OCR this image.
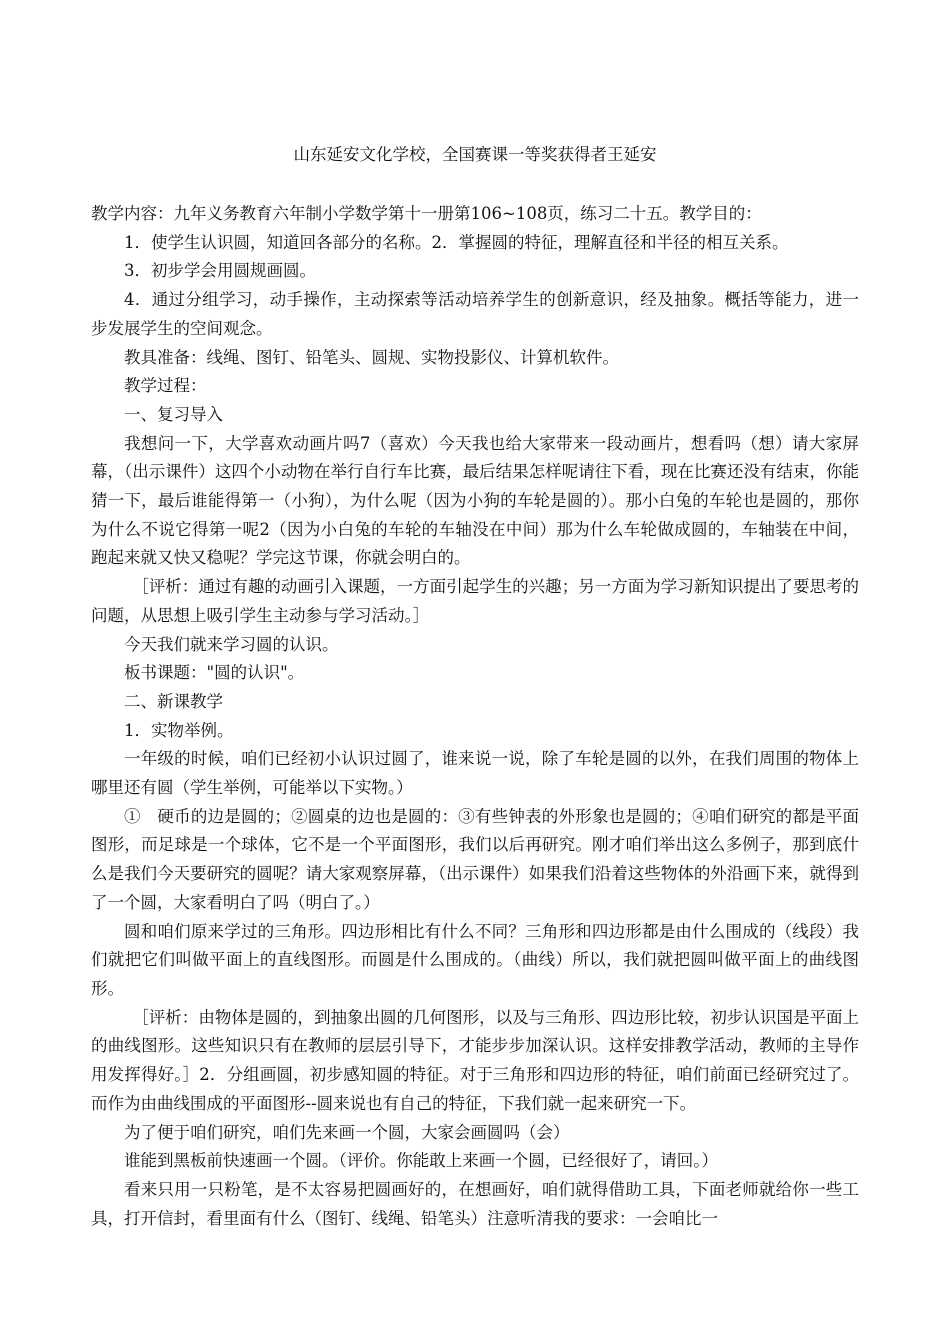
山东延安文化学校，全国赛课一等奖获得者王延安

教学内容：九年义务教育六年制小学数学第十一册第106~108页，练习二十五。教学目的：

1．使学生认识圆，知道回各部分的名称。2．掌握圆的特征，理解直径和半径的相互关系。

3．初步学会用圆规画圆。

4．通过分组学习，动手操作，主动探索等活动培养学生的创新意识，经及抽象。概括等能力，进一步发展学生的空间观念。

教具准备：线绳、图钉、铅笔头、圆规、实物投影仪、计算机软件。

教学过程：

一、复习导入

我想问一下，大学喜欢动画片吗7（喜欢）今天我也给大家带来一段动画片，想看吗（想）请大家屏幕，（出示课件）这四个小动物在举行自行车比赛，最后结果怎样呢请往下看，现在比赛还没有结束，你能猜一下，最后谁能得第一（小狗），为什么呢（因为小狗的车轮是圆的）。那小白兔的车轮也是圆的，那你为什么不说它得第一呢2（因为小白兔的车轮的车轴没在中间）那为什么车轮做成圆的，车轴装在中间，跑起来就又快又稳呢？学完这节课，你就会明白的。

［评析：通过有趣的动画引入课题，一方面引起学生的兴趣；另一方面为学习新知识提出了要思考的问题，从思想上吸引学生主动参与学习活动。］

今天我们就来学习圆的认识。

板书课题："圆的认识"。

二、新课教学

1．实物举例。

一年级的时候，咱们已经初小认识过圆了，谁来说一说，除了车轮是圆的以外，在我们周围的物体上哪里还有圆（学生举例，可能举以下实物。）

①　硬币的边是圆的；②圆桌的边也是圆的：③有些钟表的外形象也是圆的；④咱们研究的都是平面图形，而足球是一个球体，它不是一个平面图形，我们以后再研究。刚才咱们举出这么多例子，那到底什么是我们今天要研究的圆呢？请大家观察屏幕，（出示课件）如果我们沿着这些物体的外沿画下来，就得到了一个圆，大家看明白了吗（明白了。）

圆和咱们原来学过的三角形。四边形相比有什么不同？三角形和四边形都是由什么围成的（线段）我们就把它们叫做平面上的直线图形。而圆是什么围成的。（曲线）所以，我们就把圆叫做平面上的曲线图形。

［评析：由物体是圆的，到抽象出圆的几何图形，以及与三角形、四边形比较，初步认识国是平面上的曲线图形。这些知识只有在教师的层层引导下，才能步步加深认识。这样安排教学活动，教师的主导作用发挥得好。］2．分组画圆，初步感知圆的特征。对于三角形和四边形的特征，咱们前面已经研究过了。而作为由曲线围成的平面图形--圆来说也有自己的特征，下我们就一起来研究一下。

为了便于咱们研究，咱们先来画一个圆，大家会画圆吗（会）

谁能到黑板前快速画一个圆。（评价。你能敢上来画一个圆，已经很好了，请回。）

看来只用一只粉笔，是不太容易把圆画好的，在想画好，咱们就得借助工具，下面老师就给你一些工具，打开信封，看里面有什么（图钉、线绳、铅笔头）注意听清我的要求：一会咱比一
